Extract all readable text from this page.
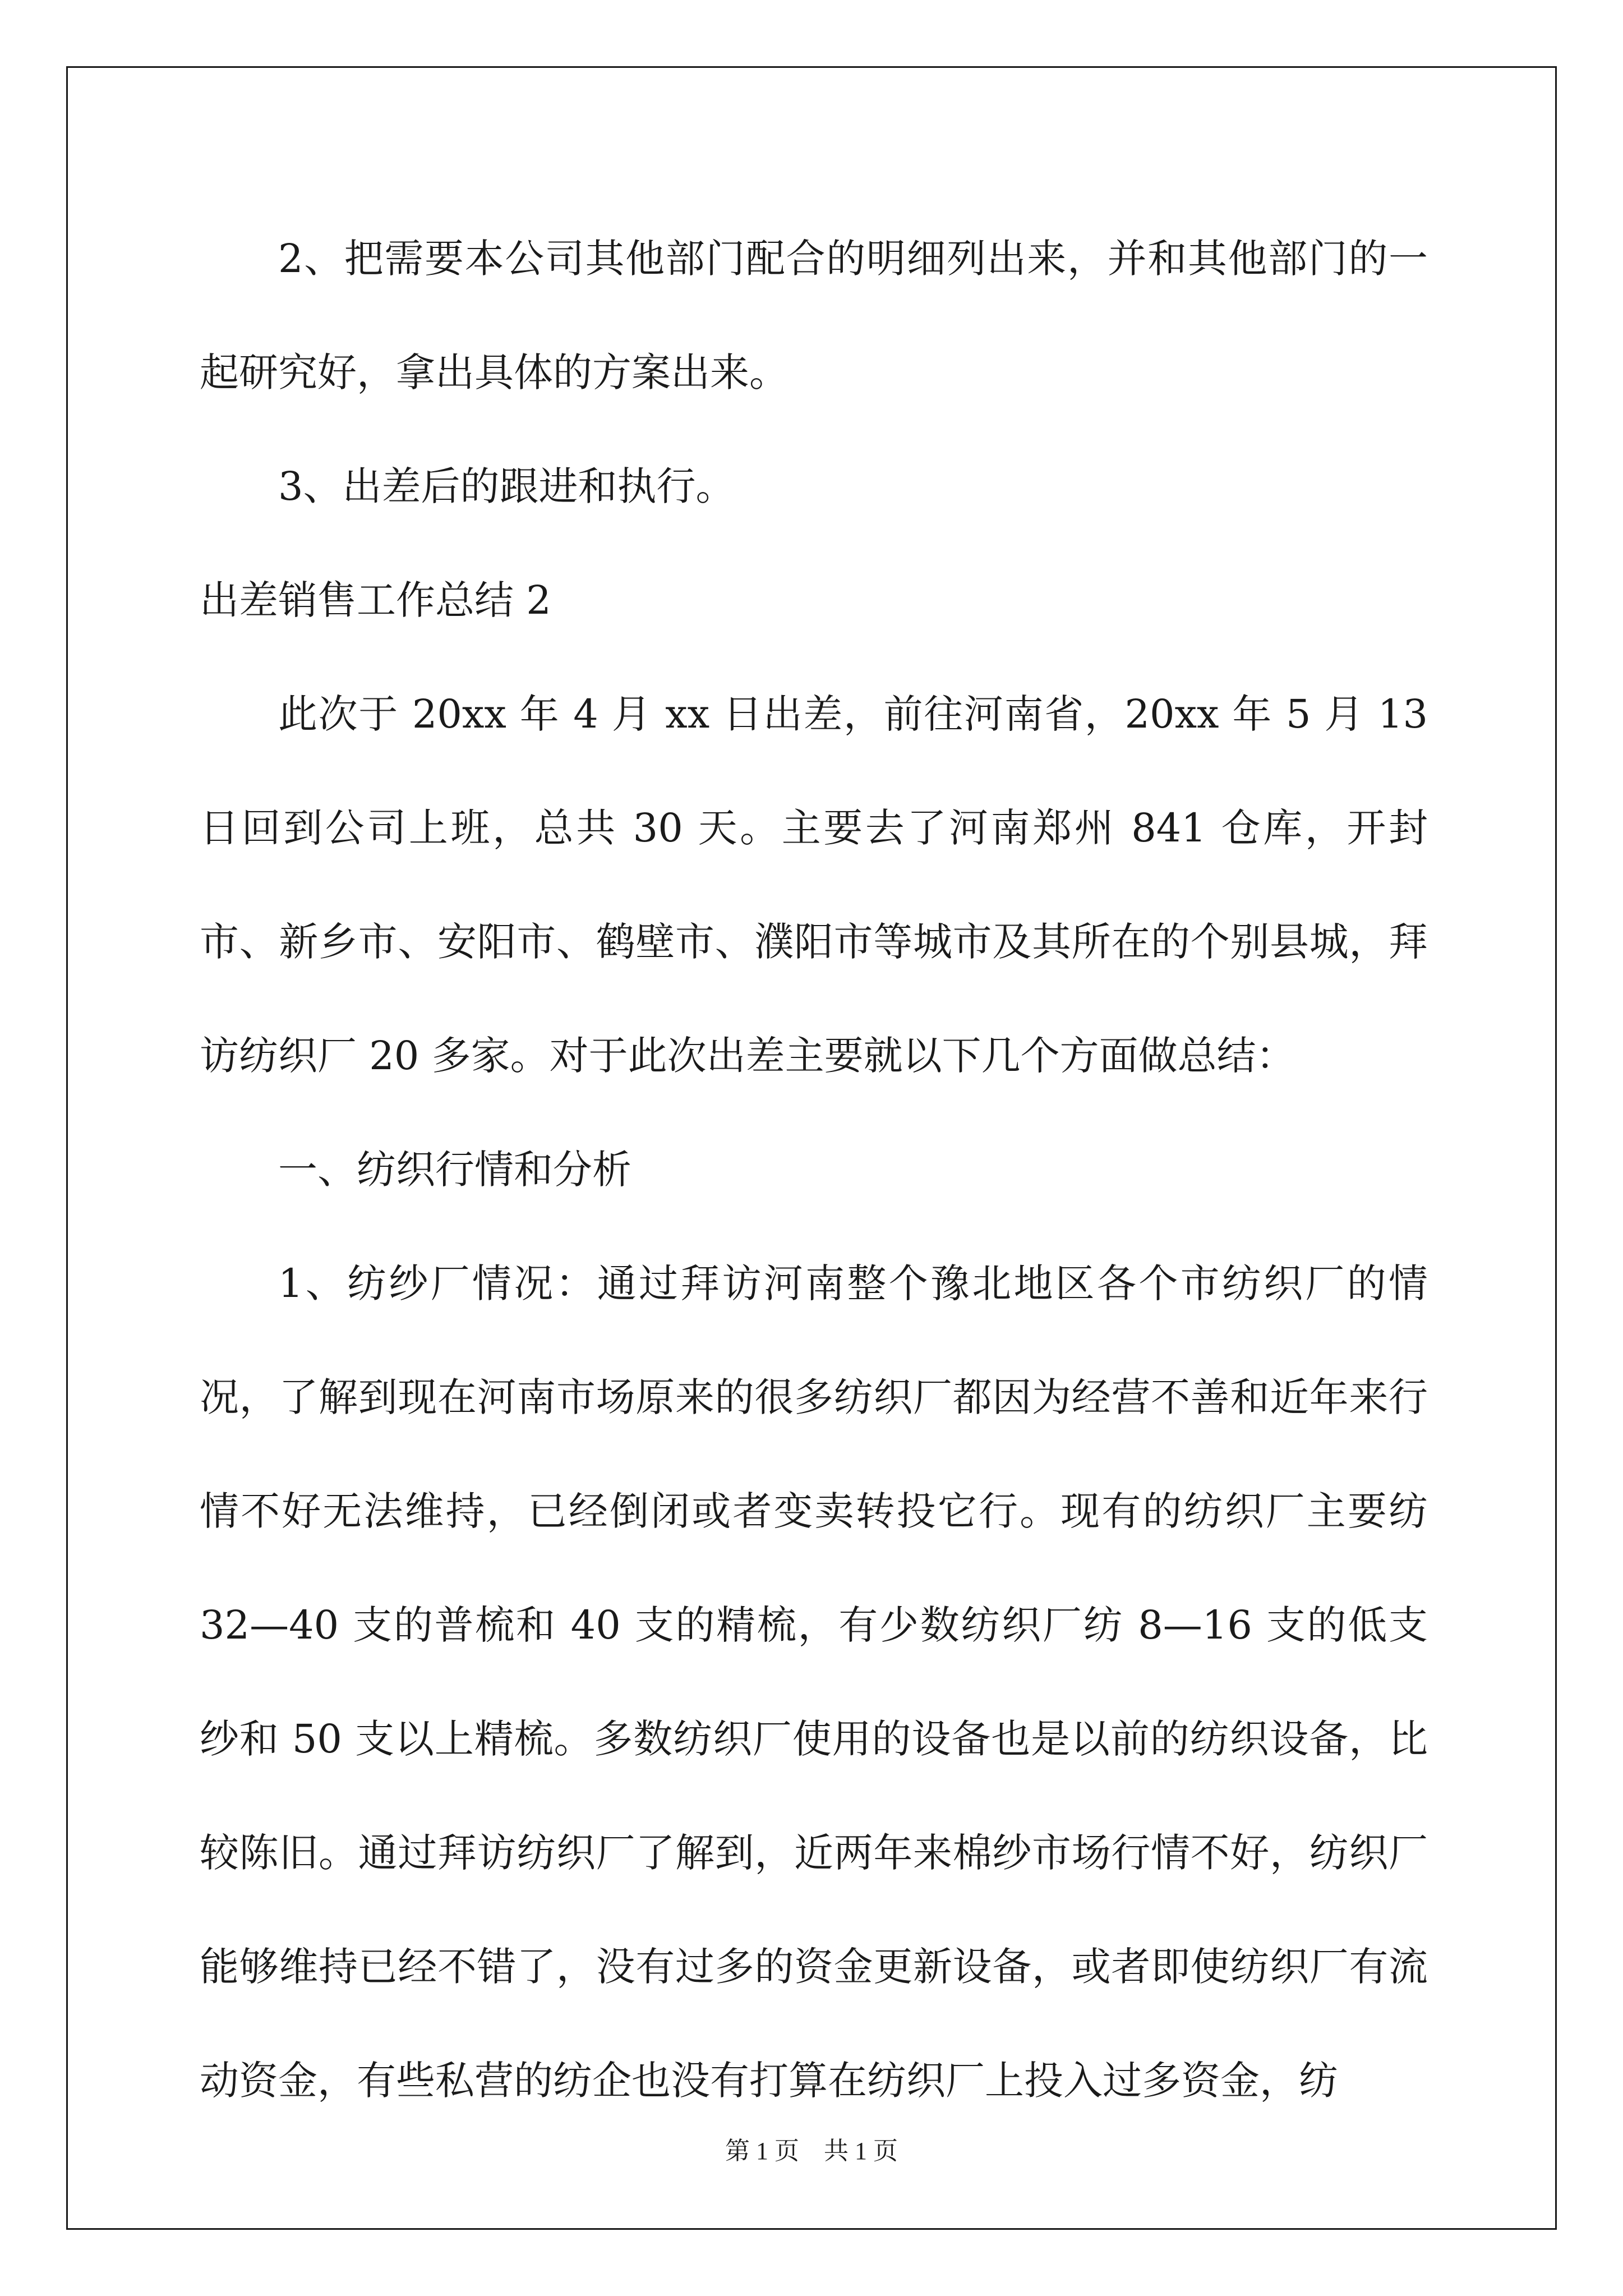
2、把需要本公司其他部门配合的明细列出来，并和其他部门的一起研究好，拿出具体的方案出来。

3、出差后的跟进和执行。

出差销售工作总结 2

此次于 20xx 年 4 月 xx 日出差，前往河南省，20xx 年 5 月 13 日回到公司上班，总共 30 天。主要去了河南郑州 841 仓库，开封市、新乡市、安阳市、鹤壁市、濮阳市等城市及其所在的个别县城，拜访纺织厂 20 多家。对于此次出差主要就以下几个方面做总结：

一、纺织行情和分析

1、纺纱厂情况：通过拜访河南整个豫北地区各个市纺织厂的情况，了解到现在河南市场原来的很多纺织厂都因为经营不善和近年来行情不好无法维持，已经倒闭或者变卖转投它行。现有的纺织厂主要纺 32—40 支的普梳和 40 支的精梳，有少数纺织厂纺 8—16 支的低支纱和 50 支以上精梳。多数纺织厂使用的设备也是以前的纺织设备，比较陈旧。通过拜访纺织厂了解到，近两年来棉纱市场行情不好，纺织厂能够维持已经不错了，没有过多的资金更新设备，或者即使纺织厂有流动资金，有些私营的纺企也没有打算在纺织厂上投入过多资金，纺

第 1 页    共 1 页
